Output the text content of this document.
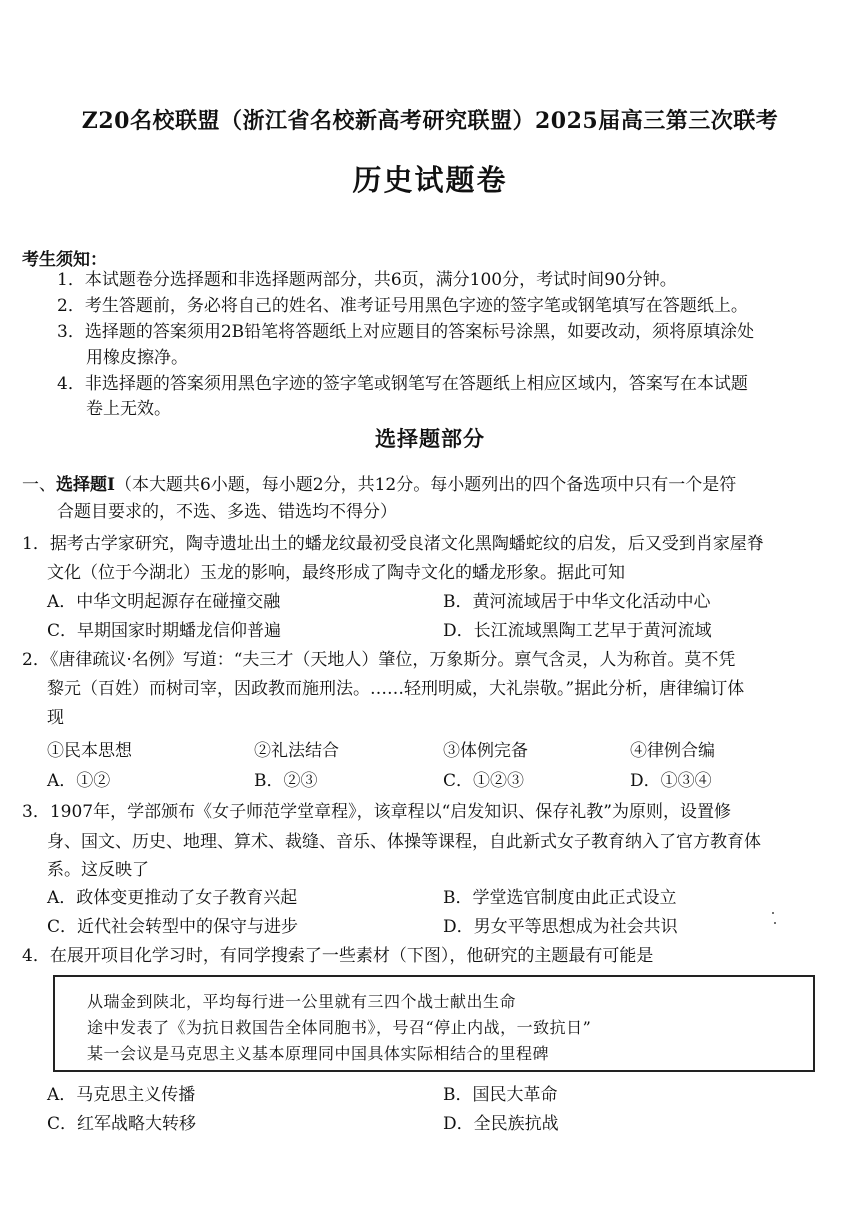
Z20名校联盟（浙江省名校新高考研究联盟）2025届高三第三次联考
历史试题卷
考生须知：
1．本试题卷分选择题和非选择题两部分，共6页，满分100分，考试时间90分钟。
2．考生答题前，务必将自己的姓名、准考证号用黑色字迹的签字笔或钢笔填写在答题纸上。
3．选择题的答案须用2B铅笔将答题纸上对应题目的答案标号涂黑，如要改动，须将原填涂处
用橡皮擦净。
4．非选择题的答案须用黑色字迹的签字笔或钢笔写在答题纸上相应区域内，答案写在本试题
卷上无效。
选择题部分
一、选择题Ⅰ（本大题共6小题，每小题2分，共12分。每小题列出的四个备选项中只有一个是符
合题目要求的，不选、多选、错选均不得分）
1．据考古学家研究，陶寺遗址出土的蟠龙纹最初受良渚文化黑陶蟠蛇纹的启发，后又受到肖家屋脊
文化（位于今湖北）玉龙的影响，最终形成了陶寺文化的蟠龙形象。据此可知
A．中华文明起源存在碰撞交融	B．黄河流域居于中华文化活动中心
C．早期国家时期蟠龙信仰普遍	D．长江流域黑陶工艺早于黄河流域
2．《唐律疏议·名例》写道：“夫三才（天地人）肇位，万象斯分。禀气含灵，人为称首。莫不凭
黎元（百姓）而树司宰，因政教而施刑法。……轻刑明威，大礼崇敬。”据此分析，唐律编订体
现
①民本思想	②礼法结合	③体例完备	④律例合编
A．①②	B．②③	C．①②③	D．①③④
3．1907年，学部颁布《女子师范学堂章程》，该章程以“启发知识、保存礼教”为原则，设置修
身、国文、历史、地理、算术、裁缝、音乐、体操等课程，自此新式女子教育纳入了官方教育体
系。这反映了
A．政体变更推动了女子教育兴起	B．学堂选官制度由此正式设立
C．近代社会转型中的保守与进步	D．男女平等思想成为社会共识
4．在展开项目化学习时，有同学搜索了一些素材（下图），他研究的主题最有可能是
从瑞金到陕北，平均每行进一公里就有三四个战士献出生命
途中发表了《为抗日救国告全体同胞书》，号召“停止内战，一致抗日”
某一会议是马克思主义基本原理同中国具体实际相结合的里程碑
A．马克思主义传播	B．国民大革命
C．红军战略大转移	D．全民族抗战
